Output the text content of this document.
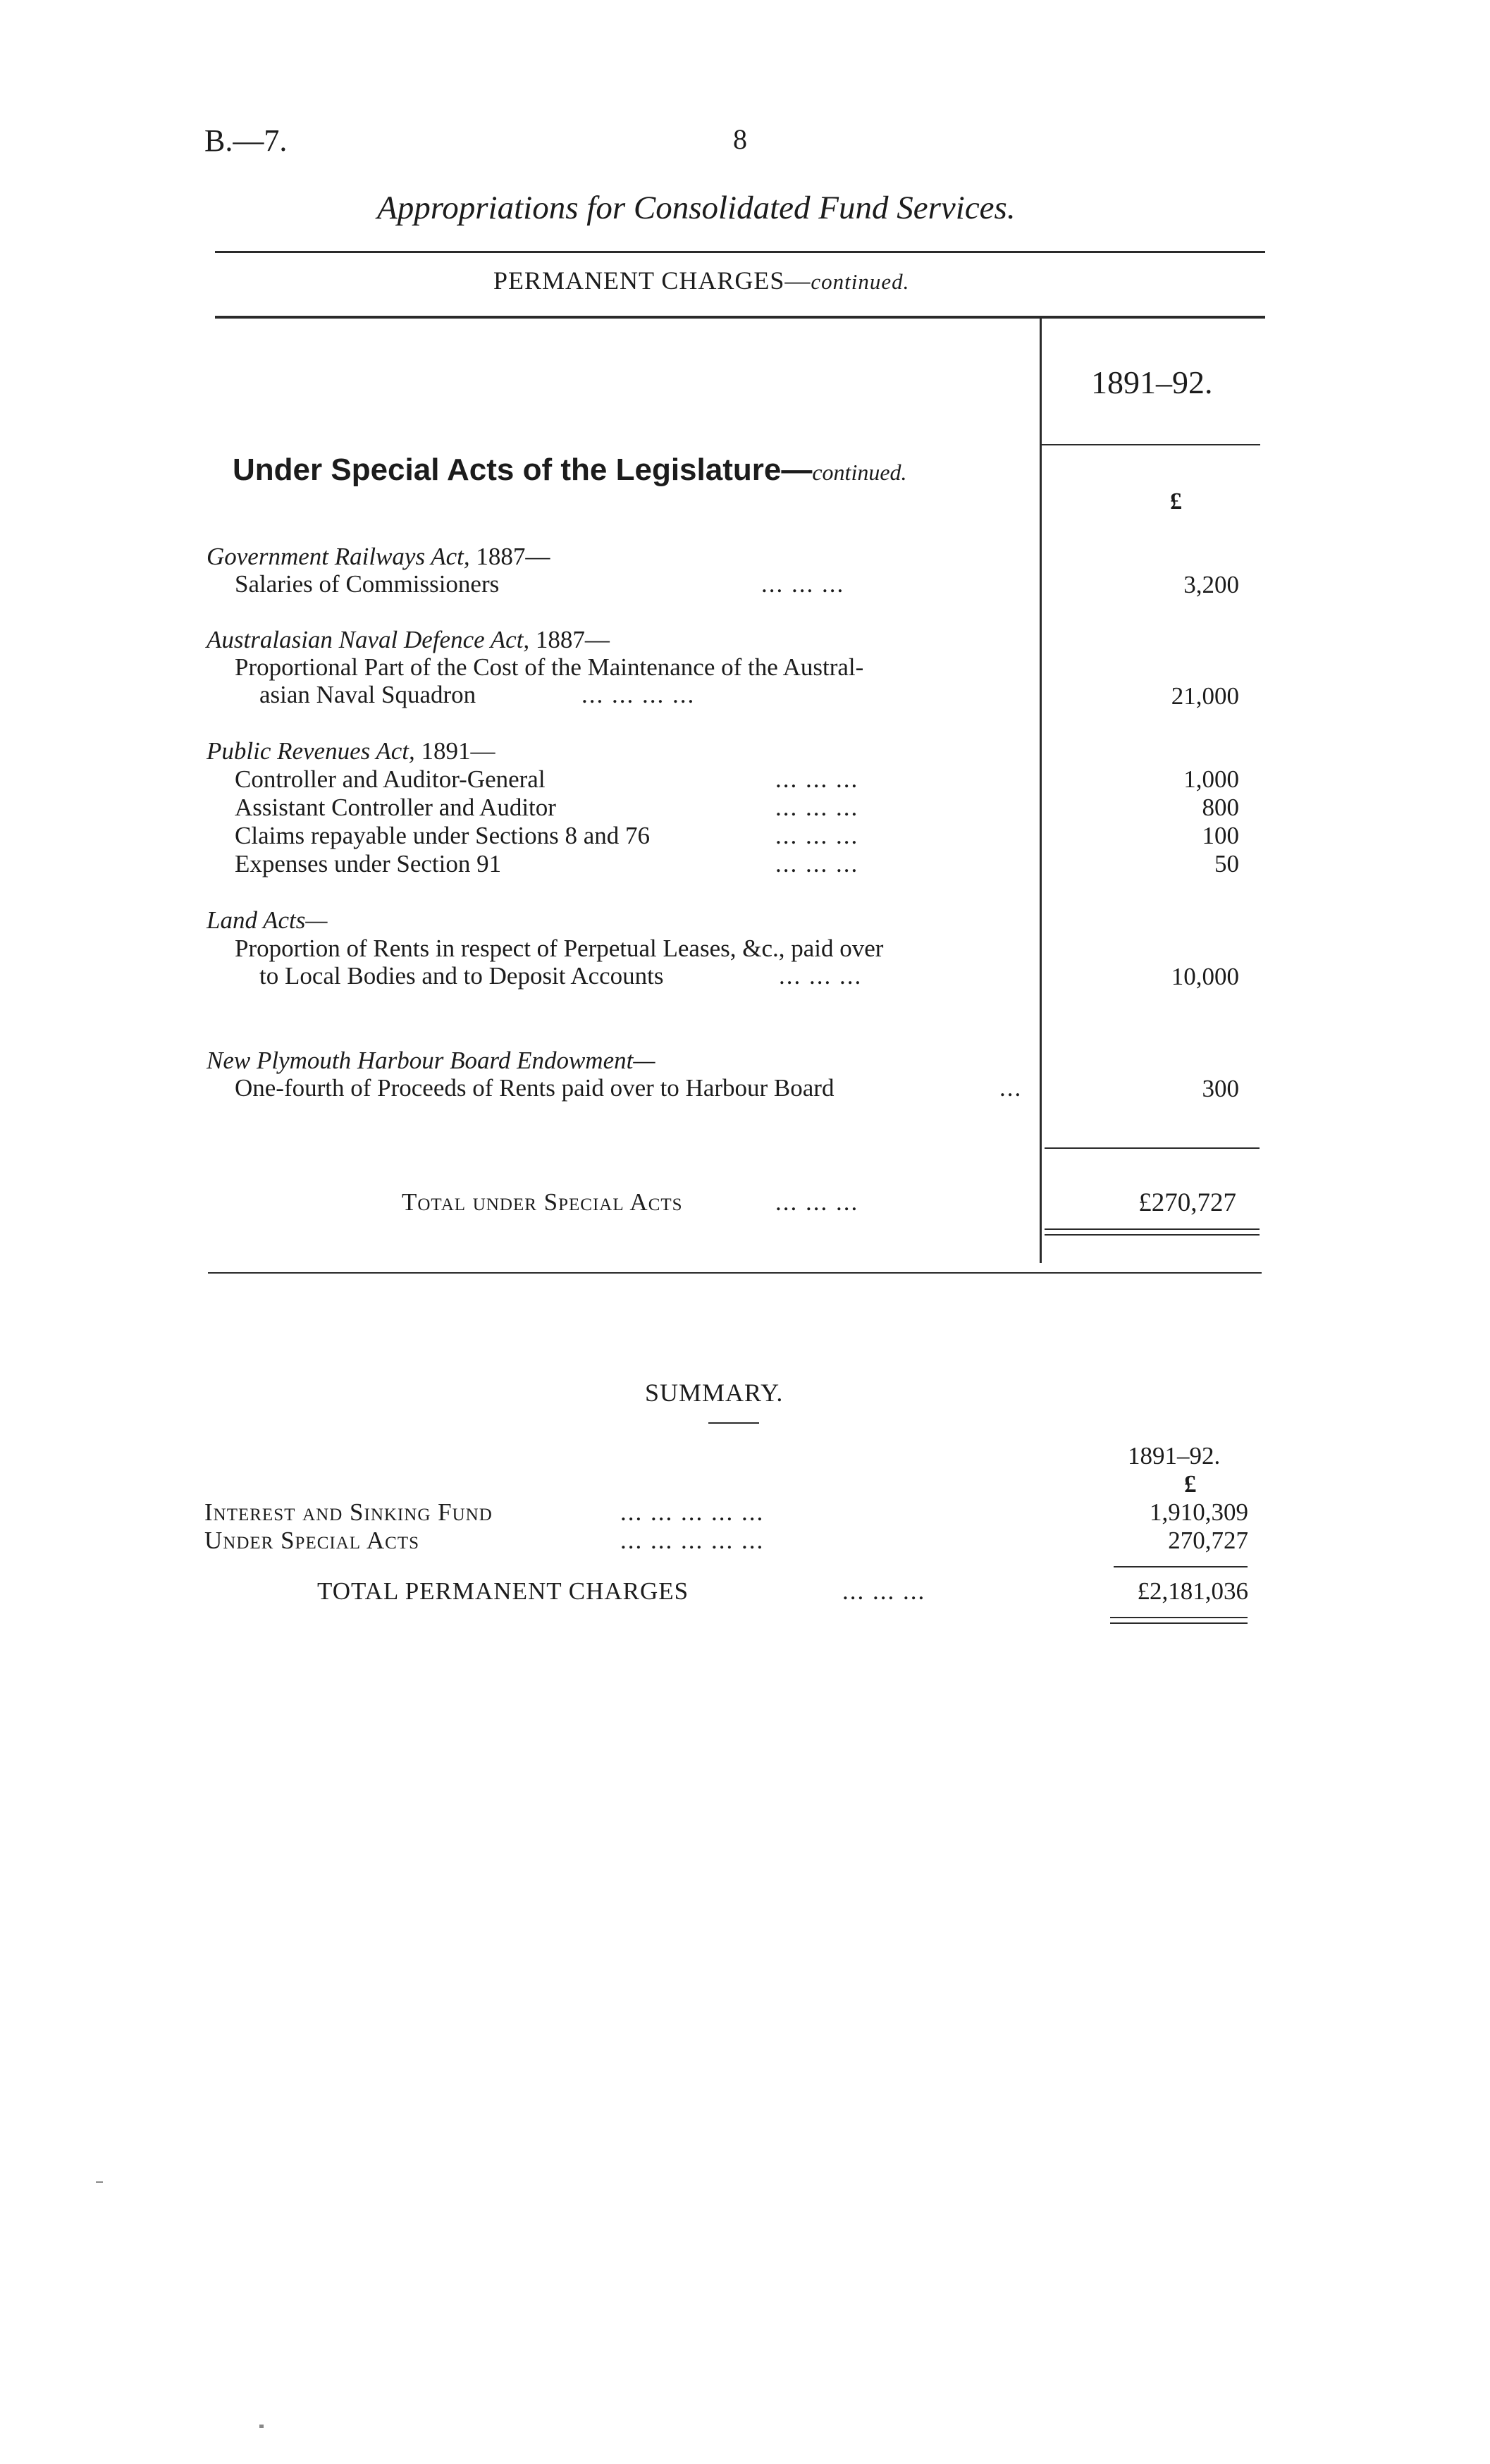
B.—7.	8
Appropriations for Consolidated Fund Services.
PERMANENT CHARGES—continued.
1891–92.
£
Under Special Acts of the Legislature—continued.
Government Railways Act, 1887—
Salaries of Commissioners	... ... ...	3,200
Australasian Naval Defence Act, 1887—
Proportional Part of the Cost of the Maintenance of the Austral-
asian Naval Squadron	... ... ... ...	21,000
Public Revenues Act, 1891—
Controller and Auditor-General	... ... ...	1,000
Assistant Controller and Auditor	... ... ...	800
Claims repayable under Sections 8 and 76	... ... ...	100
Expenses under Section 91	... ... ...	50
Land Acts—
Proportion of Rents in respect of Perpetual Leases, &c., paid over
to Local Bodies and to Deposit Accounts	... ... ...	10,000
New Plymouth Harbour Board Endowment—
One-fourth of Proceeds of Rents paid over to Harbour Board	...	300
Total under Special Acts	... ... ...	£270,727
SUMMARY.
1891–92.
£
Interest and Sinking Fund	... ... ... ... ...	1,910,309
Under Special Acts	... ... ... ... ...	270,727
TOTAL PERMANENT CHARGES	... ... ...	£2,181,036
